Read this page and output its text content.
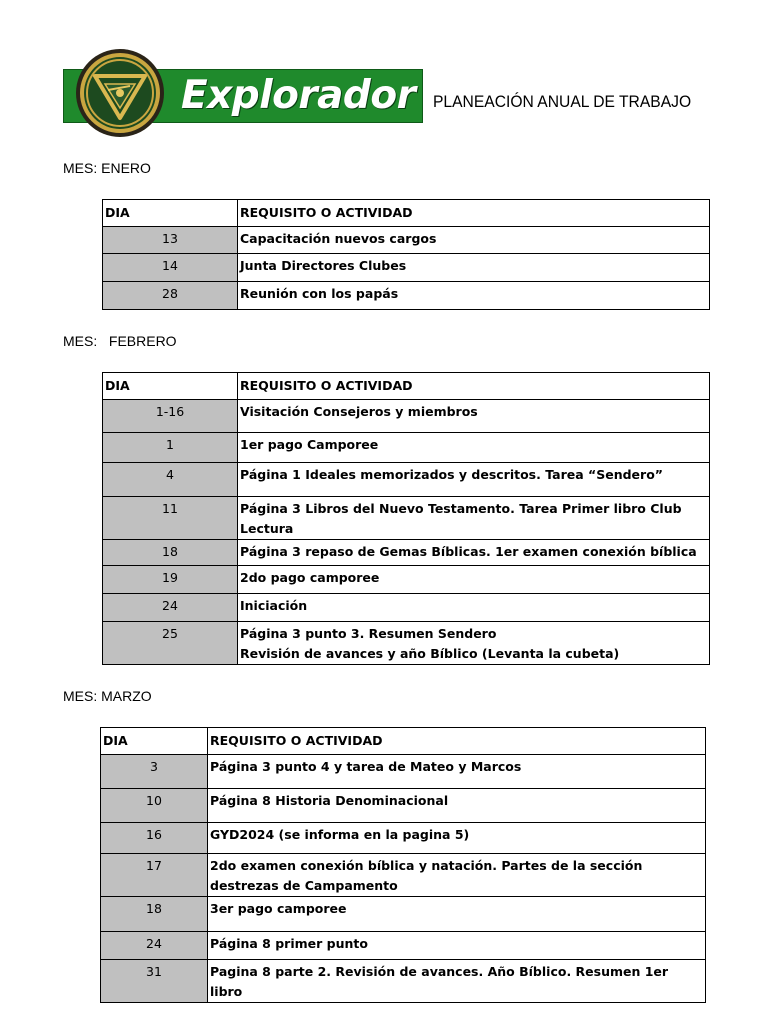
Explorador PLANEACIÓN ANUAL DE TRABAJO
MES: ENERO
DIA	REQUISITO O ACTIVIDAD
13	Capacitación nuevos cargos
14	Junta Directores Clubes
28	Reunión con los papás
MES:   FEBRERO
DIA	REQUISITO O ACTIVIDAD
1-16	Visitación Consejeros y miembros
1	1er pago Camporee
4	Página 1 Ideales memorizados y descritos. Tarea “Sendero”
11	Página 3 Libros del Nuevo Testamento. Tarea Primer libro Club Lectura
18	Página 3 repaso de Gemas Bíblicas. 1er examen conexión bíblica
19	2do pago camporee
24	Iniciación
25	Página 3 punto 3. Resumen Sendero
Revisión de avances y año Bíblico (Levanta la cubeta)
MES: MARZO
DIA	REQUISITO O ACTIVIDAD
3	Página 3 punto 4 y tarea de Mateo y Marcos
10	Página 8 Historia Denominacional
16	GYD2024 (se informa en la pagina 5)
17	2do examen conexión bíblica y natación. Partes de la sección destrezas de Campamento
18	3er pago camporee
24	Página 8 primer punto
31	Pagina 8 parte 2. Revisión de avances. Año Bíblico. Resumen 1er libro
